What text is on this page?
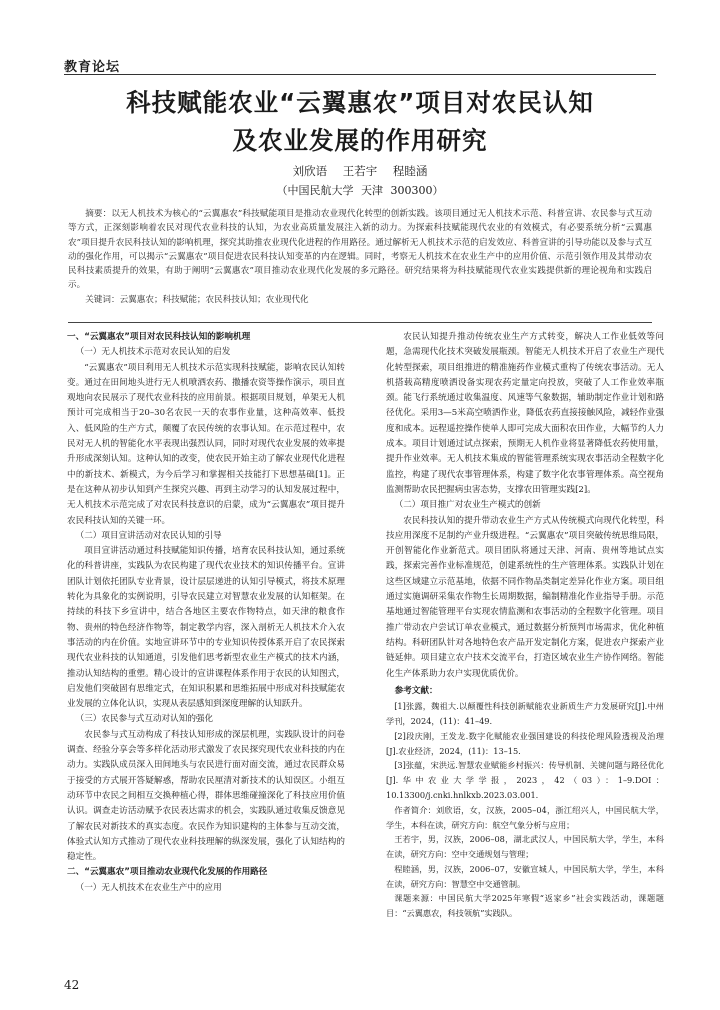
教育论坛
科技赋能农业“云翼惠农”项目对农民认知
及农业发展的作用研究
刘欣语 王若宇 程睦涵
（中国民航大学 天津 300300）

摘要：以无人机技术为核心的“云翼惠农”科技赋能项目是推动农业现代化转型的创新实践。该项目通过无人机技术示范、科普宣讲、农民参与式互动等方式，正深刻影响着农民对现代农业科技的认知，为农业高质量发展注入新的动力。为探索科技赋能现代农业的有效模式，有必要系统分析“云翼惠农”项目提升农民科技认知的影响机理，探究其助推农业现代化进程的作用路径。通过解析无人机技术示范的启发效应、科普宣讲的引导功能以及参与式互动的强化作用，可以揭示“云翼惠农”项目促进农民科技认知变革的内在逻辑。同时，考察无人机技术在农业生产中的应用价值、示范引领作用及其带动农民科技素质提升的效果，有助于阐明“云翼惠农”项目推动农业现代化发展的多元路径。研究结果将为科技赋能现代农业实践提供新的理论视角和实践启示。

关键词：云翼惠农；科技赋能；农民科技认知；农业现代化

一、“云翼惠农”项目对农民科技认知的影响机理

（一）无人机技术示范对农民认知的启发

“云翼惠农”项目利用无人机技术示范实现科技赋能，影响农民认知转变。通过在田间地头进行无人机喷洒农药、撒播农资等操作演示，项目直观地向农民展示了现代农业科技的应用前景。根据项目规划，单架无人机预计可完成相当于20–30名农民一天的农事作业量，这种高效率、低投入、低风险的生产方式，颠覆了农民传统的农事认知。在示范过程中，农民对无人机的智能化水平表现出强烈认同，同时对现代农业发展的效率提升形成深刻认知。这种认知的改变，使农民开始主动了解农业现代化进程中的新技术、新模式，为今后学习和掌握相关技能打下思想基础[1]。正是在这种从初步认知到产生探究兴趣、再到主动学习的认知发展过程中，无人机技术示范完成了对农民科技意识的启蒙，成为“云翼惠农”项目提升农民科技认知的关键一环。

（二）项目宣讲活动对农民认知的引导

项目宣讲活动通过科技赋能知识传播，培育农民科技认知，通过系统化的科普讲座，实践队为农民构建了现代农业技术的知识传播平台。宣讲团队计划依托团队专业背景，设计层层递进的认知引导模式，将技术原理转化为具象化的实例说明，引导农民建立对智慧农业发展的认知框架。在持续的科技下乡宣讲中，结合各地区主要农作物特点，如天津的粮食作物、贵州的特色经济作物等，制定教学内容，深入剖析无人机技术介入农事活动的内在价值。实地宣讲环节中的专业知识传授体系开启了农民探索现代农业科技的认知通道，引发他们思考新型农业生产模式的技术内涵，推动认知结构的重塑。精心设计的宣讲课程体系作用于农民的认知图式，启发他们突破固有思维定式，在知识积累和思维拓展中形成对科技赋能农业发展的立体化认识，实现从表层感知到深度理解的认知跃升。

（三）农民参与式互动对认知的强化

农民参与式互动构成了科技认知形成的深层机理，实践队设计的问卷调查、经验分享会等多样化活动形式激发了农民探究现代农业科技的内在动力。实践队成员深入田间地头与农民进行面对面交流，通过农民群众易于接受的方式展开答疑解惑，帮助农民厘清对新技术的认知误区。小组互动环节中农民之间相互交换种植心得，群体思维碰撞深化了科技应用价值认识。调查走访活动赋予农民表达需求的机会，实践队通过收集反馈意见了解农民对新技术的真实态度。农民作为知识建构的主体参与互动交流，体验式认知方式推动了现代农业科技理解的纵深发展，强化了认知结构的稳定性。

二、“云翼惠农”项目推动农业现代化发展的作用路径

（一）无人机技术在农业生产中的应用

农民认知提升推动传统农业生产方式转变，解决人工作业低效等问题，急需现代化技术突破发展瓶颈。智能无人机技术开启了农业生产现代化转型探索，项目组推进的精准施药作业模式重构了传统农事活动。无人机搭载高精度喷洒设备实现农药定量定向投放，突破了人工作业效率瓶颈。能飞行系统通过收集温度、风速等气象数据，辅助制定作业计划和路径优化。采用3—5米高空喷洒作业，降低农药直接接触风险，减轻作业强度和成本。远程遥控操作使单人即可完成大面积农田作业，大幅节约人力成本。项目计划通过试点探索，预期无人机作业将显著降低农药使用量，提升作业效率。无人机技术集成的智能管理系统实现农事活动全程数字化监控，构建了现代农事管理体系，构建了数字化农事管理体系。高空视角监测帮助农民把握病虫害态势，支撑农田管理实践[2]。

（二）项目推广对农业生产模式的创新

农民科技认知的提升带动农业生产方式从传统模式向现代化转型，科技应用深度不足制约产业升级进程。“云翼惠农”项目突破传统思维局限，开创智能化作业新范式。项目团队将通过天津、河南、贵州等地试点实践，探索完善作业标准规范，创建系统性的生产管理体系。实践队计划在这些区域建立示范基地，依据不同作物品类制定差异化作业方案。项目组通过实施调研采集农作物生长周期数据，编制精准化作业指导手册。示范基地通过智能管理平台实现农情监测和农事活动的全程数字化管理。项目推广带动农户尝试订单农业模式，通过数据分析预判市场需求，优化种植结构。科研团队针对各地特色农产品开发定制化方案，促进农户探索产业链延伸。项目建立农户技术交流平台，打造区域农业生产协作网络。智能化生产体系助力农户实现优质优价。

参考文献：

[1]张露，魏祖大.以颠覆性科技创新赋能农业新质生产力发展研究[J].中州学刊，2024，(11)：41–49.

[2]段庆刚，王发龙.数字化赋能农业强国建设的科技伦理风险透视及治理[J].农业经济，2024，(11)：13–15.

[3]张蕴，宋洪远.智慧农业赋能乡村振兴：传导机制、关键问题与路径优化[J].华中农业大学学报，2023，42（03）：1–9.DOI：10.13300/j.cnki.hnlkxb.2023.03.001.

作者简介：刘欣语，女，汉族，2005–04，浙江绍兴人，中国民航大学，学生，本科在读，研究方向：航空气象分析与应用；

王若宇，男，汉族，2006–08，湖北武汉人，中国民航大学，学生，本科在读，研究方向：空中交通规划与管理；

程睦涵，男，汉族，2006–07，安徽宣城人，中国民航大学，学生，本科在读，研究方向：智慧空中交通管制。

课题来源：中国民航大学2025年寒假“返家乡”社会实践活动，课题题目：“云翼惠农，科技领航”实践队。

42
